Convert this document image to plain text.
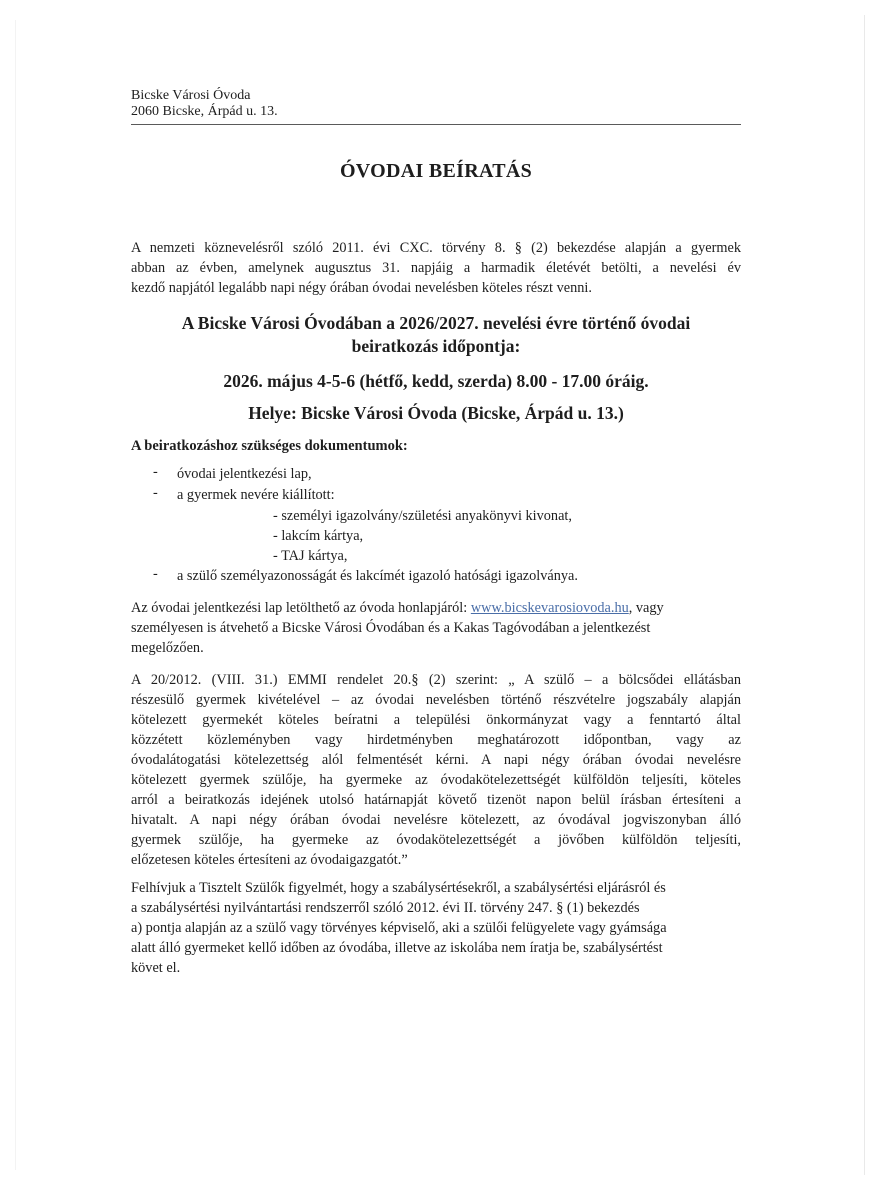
Bicske Városi Óvoda
2060 Bicske, Árpád u. 13.
ÓVODAI BEÍRATÁS
A nemzeti köznevelésről szóló 2011. évi CXC. törvény 8. § (2) bekezdése alapján a gyermek
abban az évben, amelynek augusztus 31. napjáig a harmadik életévét betölti, a nevelési év
kezdő napjától legalább napi négy órában óvodai nevelésben köteles részt venni.
A Bicske Városi Óvodában a 2026/2027. nevelési évre történő óvodai
beiratkozás időpontja:
2026. május 4-5-6 (hétfő, kedd, szerda) 8.00 - 17.00 óráig.
Helye: Bicske Városi Óvoda (Bicske, Árpád u. 13.)
A beiratkozáshoz szükséges dokumentumok:
- óvodai jelentkezési lap,
- a gyermek nevére kiállított:
- személyi igazolvány/születési anyakönyvi kivonat,
- lakcím kártya,
- TAJ kártya,
- a szülő személyazonosságát és lakcímét igazoló hatósági igazolványa.
Az óvodai jelentkezési lap letölthető az óvoda honlapjáról: www.bicskevarosiovoda.hu, vagy
személyesen is átvehető a Bicske Városi Óvodában és a Kakas Tagóvodában a jelentkezést
megelőzően.
A 20/2012. (VIII. 31.) EMMI rendelet 20.§ (2) szerint: „ A szülő – a bölcsődei ellátásban
részesülő gyermek kivételével – az óvodai nevelésben történő részvételre jogszabály alapján
kötelezett gyermekét köteles beíratni a települési önkormányzat vagy a fenntartó által
közzétett közleményben vagy hirdetményben meghatározott időpontban, vagy az
óvodalátogatási kötelezettség alól felmentését kérni. A napi négy órában óvodai nevelésre
kötelezett gyermek szülője, ha gyermeke az óvodakötelezettségét külföldön teljesíti, köteles
arról a beiratkozás idejének utolsó határnapját követő tizenöt napon belül írásban értesíteni a
hivatalt. A napi négy órában óvodai nevelésre kötelezett, az óvodával jogviszonyban álló
gyermek szülője, ha gyermeke az óvodakötelezettségét a jövőben külföldön teljesíti,
előzetesen köteles értesíteni az óvodaigazgatót.”
Felhívjuk a Tisztelt Szülők figyelmét, hogy a szabálysértésekről, a szabálysértési eljárásról és
a szabálysértési nyilvántartási rendszerről szóló 2012. évi II. törvény 247. § (1) bekezdés
a) pontja alapján az a szülő vagy törvényes képviselő, aki a szülői felügyelete vagy gyámsága
alatt álló gyermeket kellő időben az óvodába, illetve az iskolába nem íratja be, szabálysértést
követ el.
